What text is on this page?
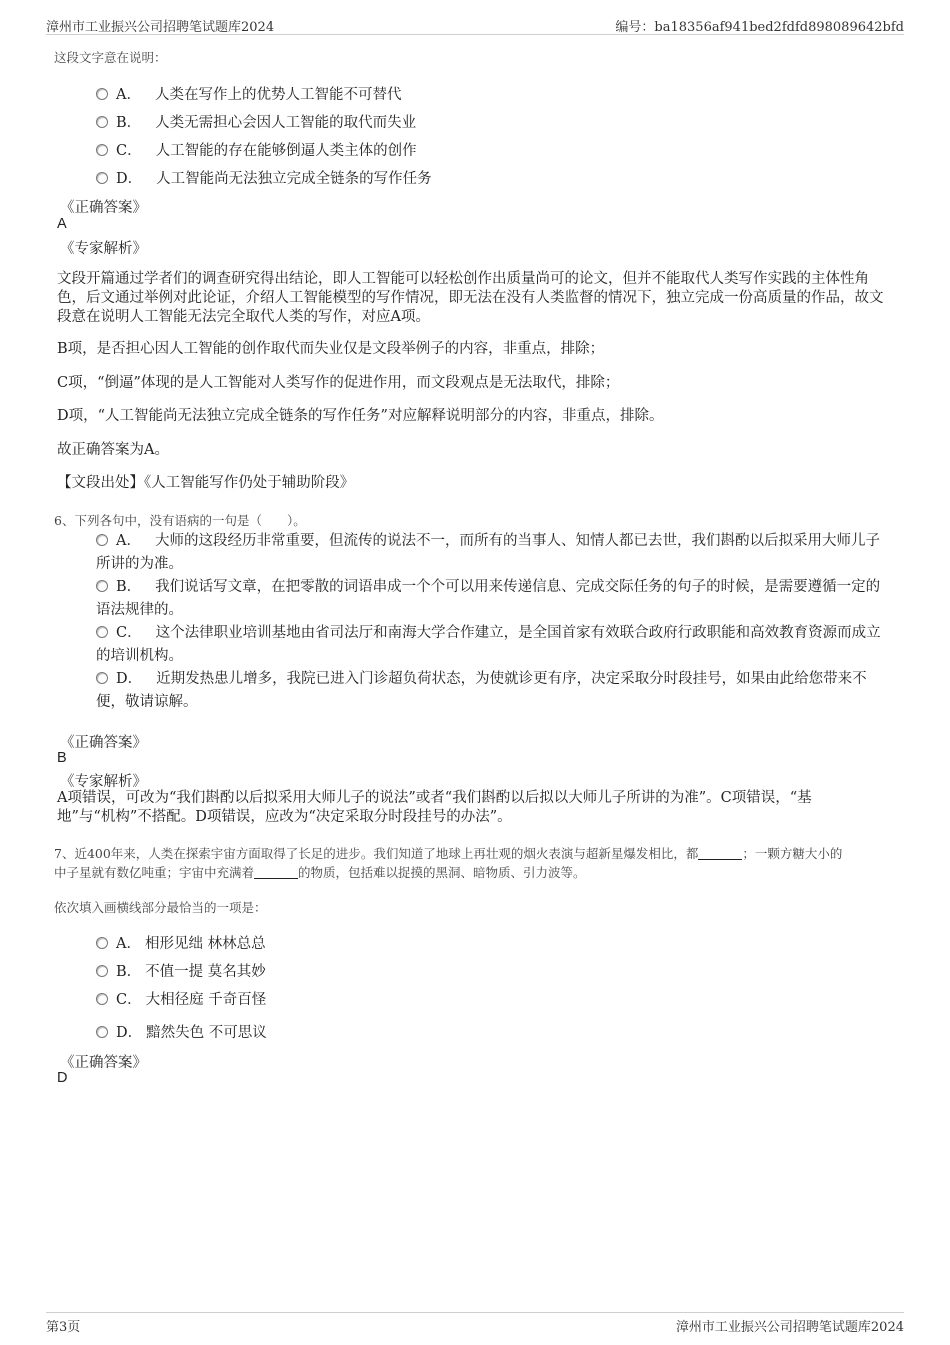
漳州市工业振兴公司招聘笔试题库2024	编号：ba18356af941bed2fdfd898089642bfd
这段文字意在说明：
A． 人类在写作上的优势人工智能不可替代
B． 人类无需担心会因人工智能的取代而失业
C． 人工智能的存在能够倒逼人类主体的创作
D． 人工智能尚无法独立完成全链条的写作任务
《正确答案》
A
《专家解析》
文段开篇通过学者们的调查研究得出结论，即人工智能可以轻松创作出质量尚可的论文，但并不能取代人类写作实践的主体性角色，后文通过举例对此论证，介绍人工智能模型的写作情况，即无法在没有人类监督的情况下，独立完成一份高质量的作品，故文段意在说明人工智能无法完全取代人类的写作，对应A项。
B项，是否担心因人工智能的创作取代而失业仅是文段举例子的内容，非重点，排除；
C项，“倒逼”体现的是人工智能对人类写作的促进作用，而文段观点是无法取代，排除；
D项，“人工智能尚无法独立完成全链条的写作任务”对应解释说明部分的内容，非重点，排除。
故正确答案为A。
【文段出处】《人工智能写作仍处于辅助阶段》
6、下列各句中，没有语病的一句是（　　）。
A． 大师的这段经历非常重要，但流传的说法不一，而所有的当事人、知情人都已去世，我们斟酌以后拟采用大师儿子所讲的为准。
B． 我们说话写文章，在把零散的词语串成一个个可以用来传递信息、完成交际任务的句子的时候，是需要遵循一定的语法规律的。
C． 这个法律职业培训基地由省司法厅和南海大学合作建立，是全国首家有效联合政府行政职能和高效教育资源而成立的培训机构。
D． 近期发热患儿增多，我院已进入门诊超负荷状态，为使就诊更有序，决定采取分时段挂号，如果由此给您带来不便，敬请谅解。
《正确答案》
B
《专家解析》
A项错误，可改为“我们斟酌以后拟采用大师儿子的说法”或者“我们斟酌以后拟以大师儿子所讲的为准”。C项错误，“基地”与“机构”不搭配。D项错误，应改为“决定采取分时段挂号的办法”。
7、近400年来，人类在探索宇宙方面取得了长足的进步。我们知道了地球上再壮观的烟火表演与超新星爆发相比，都	；一颗方糖大小的
中子星就有数亿吨重；宇宙中充满着	的物质，包括难以捉摸的黑洞、暗物质、引力波等。
依次填入画横线部分最恰当的一项是：
A． 相形见绌 林林总总
B． 不值一提 莫名其妙
C． 大相径庭 千奇百怪
D． 黯然失色 不可思议
《正确答案》
D
第3页	漳州市工业振兴公司招聘笔试题库2024
